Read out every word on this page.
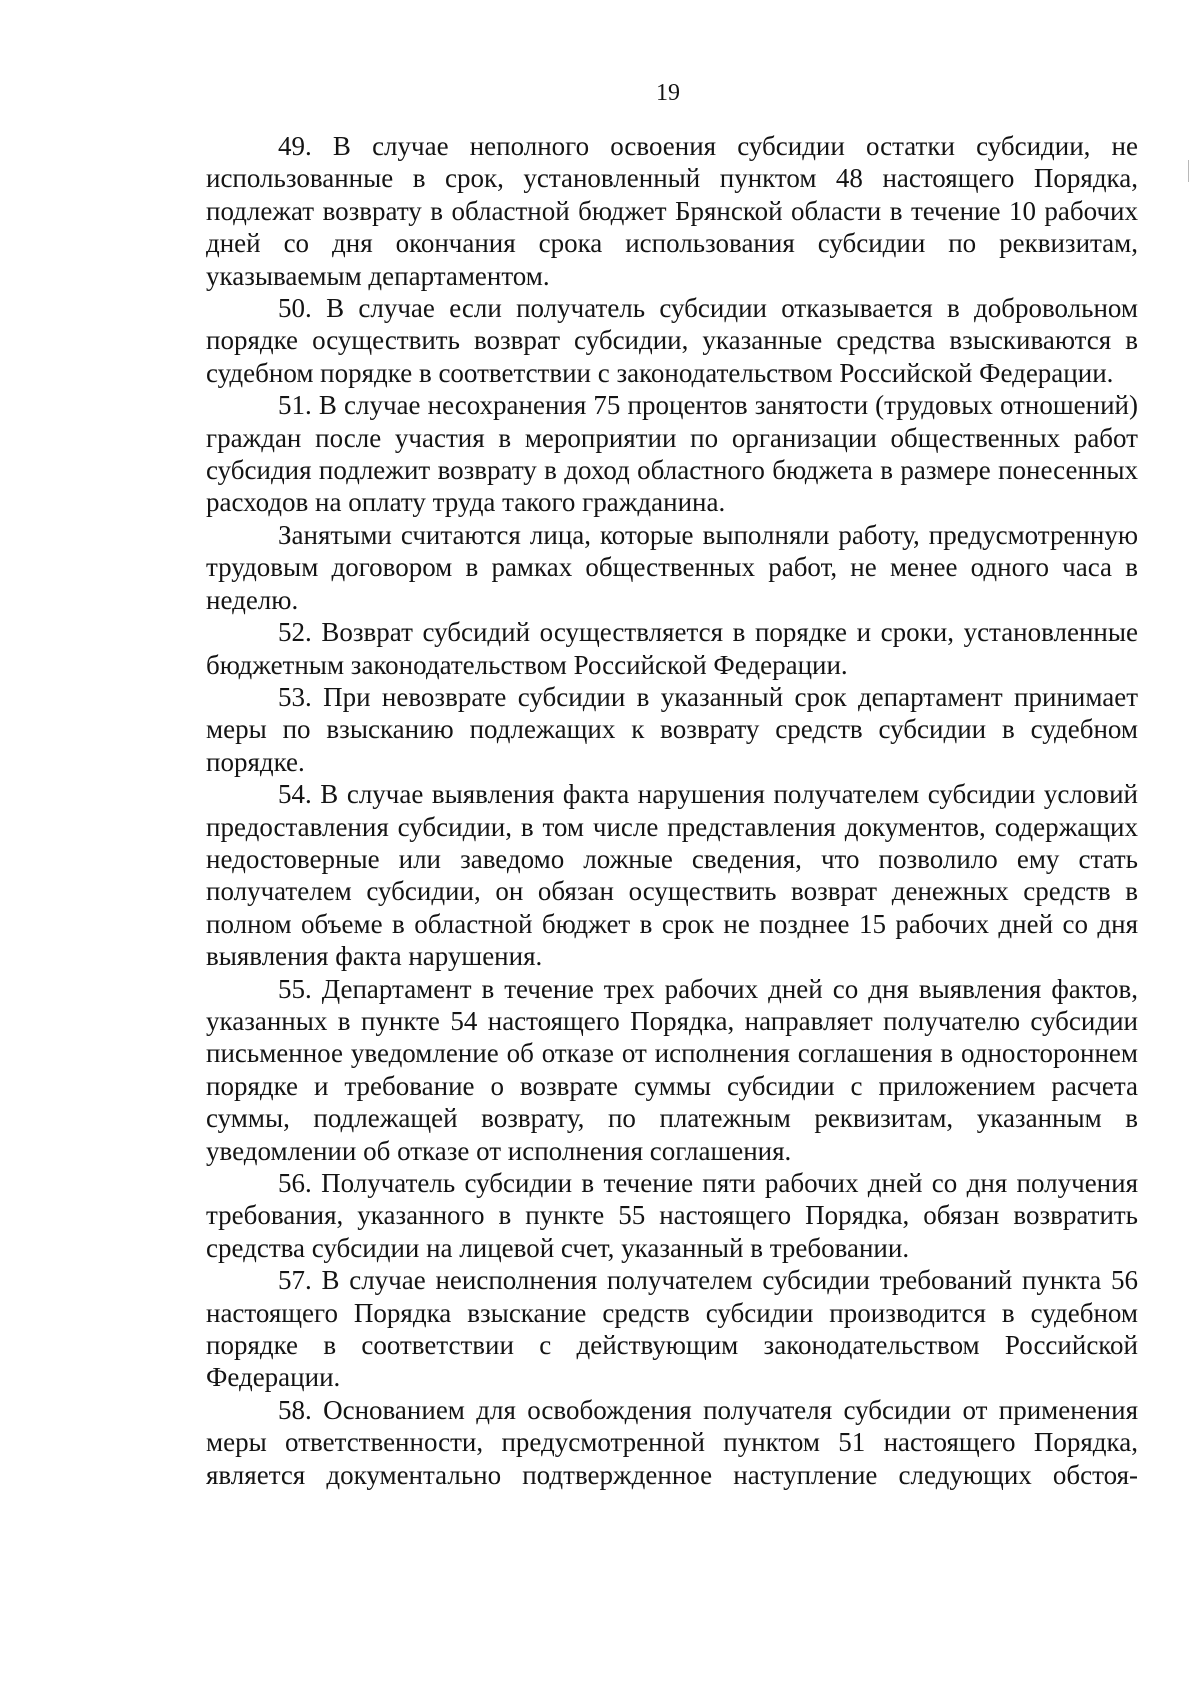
19

49. В случае неполного освоения субсидии остатки субсидии, не использованные в срок, установленный пунктом 48 настоящего Порядка, подлежат возврату в областной бюджет Брянской области в течение 10 рабочих дней со дня окончания срока использования субсидии по реквизитам, указываемым департаментом.

50. В случае если получатель субсидии отказывается в добровольном порядке осуществить возврат субсидии, указанные средства взыскиваются в судебном порядке в соответствии с законодательством Российской Федерации.

51. В случае несохранения 75 процентов занятости (трудовых отношений) граждан после участия в мероприятии по организации общественных работ субсидия подлежит возврату в доход областного бюджета в размере понесенных расходов на оплату труда такого гражданина.

Занятыми считаются лица, которые выполняли работу, предусмотренную трудовым договором в рамках общественных работ, не менее одного часа в неделю.

52. Возврат субсидий осуществляется в порядке и сроки, установленные бюджетным законодательством Российской Федерации.

53. При невозврате субсидии в указанный срок департамент принимает меры по взысканию подлежащих к возврату средств субсидии в судебном порядке.

54. В случае выявления факта нарушения получателем субсидии условий предоставления субсидии, в том числе представления документов, содержащих недостоверные или заведомо ложные сведения, что позволило ему стать получателем субсидии, он обязан осуществить возврат денежных средств в полном объеме в областной бюджет в срок не позднее 15 рабочих дней со дня выявления факта нарушения.

55. Департамент в течение трех рабочих дней со дня выявления фактов, указанных в пункте 54 настоящего Порядка, направляет получателю субсидии письменное уведомление об отказе от исполнения соглашения в одностороннем порядке и требование о возврате суммы субсидии с приложением расчета суммы, подлежащей возврату, по платежным реквизитам, указанным в уведомлении об отказе от исполнения соглашения.

56. Получатель субсидии в течение пяти рабочих дней со дня получения требования, указанного в пункте 55 настоящего Порядка, обязан возвратить средства субсидии на лицевой счет, указанный в требовании.

57. В случае неисполнения получателем субсидии требований пункта 56 настоящего Порядка взыскание средств субсидии производится в судебном порядке в соответствии с действующим законодательством Российской Федерации.

58. Основанием для освобождения получателя субсидии от применения меры ответственности, предусмотренной пунктом 51 настоящего Порядка, является документально подтвержденное наступление следующих обстоя-
